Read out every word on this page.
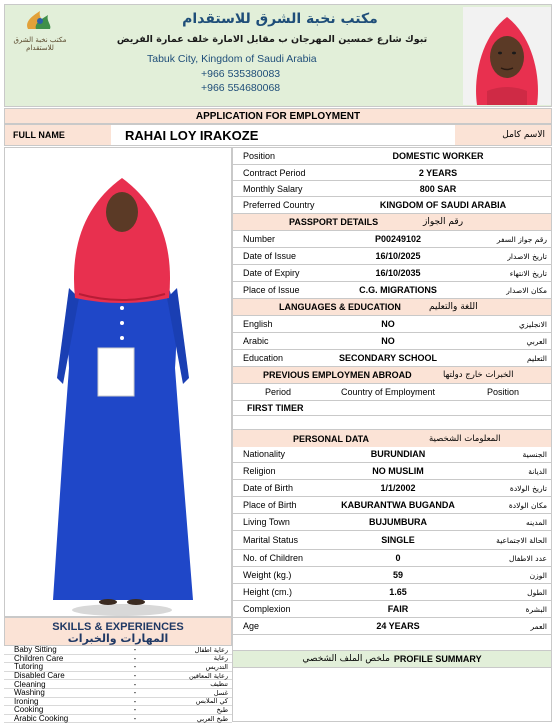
مكتب نخبة الشرق للاستقدام
مكتب نخبة الشرق للاستقدام
تبوك شارع خمسين المهرجان ب مقابل الامارة خلف عمارة الفريض
Tabuk City, Kingdom of Saudi Arabia
+966 535380083
+966 554680068
APPLICATION FOR EMPLOYMENT
FULL NAME	RAHAI LOY IRAKOZE	الاسم كامل
Position	DOMESTIC WORKER
Contract Period	2 YEARS
Monthly Salary	800 SAR
Preferred Country	KINGDOM OF SAUDI ARABIA
PASSPORT DETAILS	رقم الجواز
Number	P00249102	رقم جواز السفر
Date of Issue	16/10/2025	تاريخ الاصدار
Date of Expiry	16/10/2035	تاريخ الانتهاء
Place of Issue	C.G. MIGRATIONS	مكان الاصدار
LANGUAGES & EDUCATION	اللغة والتعليم
English	NO	الانجليزي
Arabic	NO	العربي
Education	SECONDARY SCHOOL	التعليم
PREVIOUS EMPLOYMEN ABROAD	الخبرات خارج دولتها
Period	Country of Employment	Position
FIRST TIMER
PERSONAL DATA	المعلومات الشخصية
Nationality	BURUNDIAN	الجنسية
Religion	NO MUSLIM	الديانة
Date of Birth	1/1/2002	تاريخ الولادة
Place of Birth	KABURANTWA BUGANDA	مكان الولادة
Living Town	BUJUMBURA	المدينه
Marital Status	SINGLE	الحالة الاجتماعية
No. of Children	0	عدد الاطفال
Weight (kg.)	59	الوزن
Height (cm.)	1.65	الطول
Complexion	FAIR	البشرة
Age	24 YEARS	العمر
ملخص الملف الشخصي PROFILE SUMMARY
SKILLS & EXPERIENCES
المهارات والخبرات
Baby Sitting	-	رعاية اطفال
Children Care	-	رعاية
Tutoring	-	التدريس
Disabled Care	-	رعاية المعاقين
Cleaning	-	تنظيف
Washing	-	غسل
Ironing	-	كي الملابس
Cooking	-	طبخ
Arabic Cooking	-	طبخ العربي
